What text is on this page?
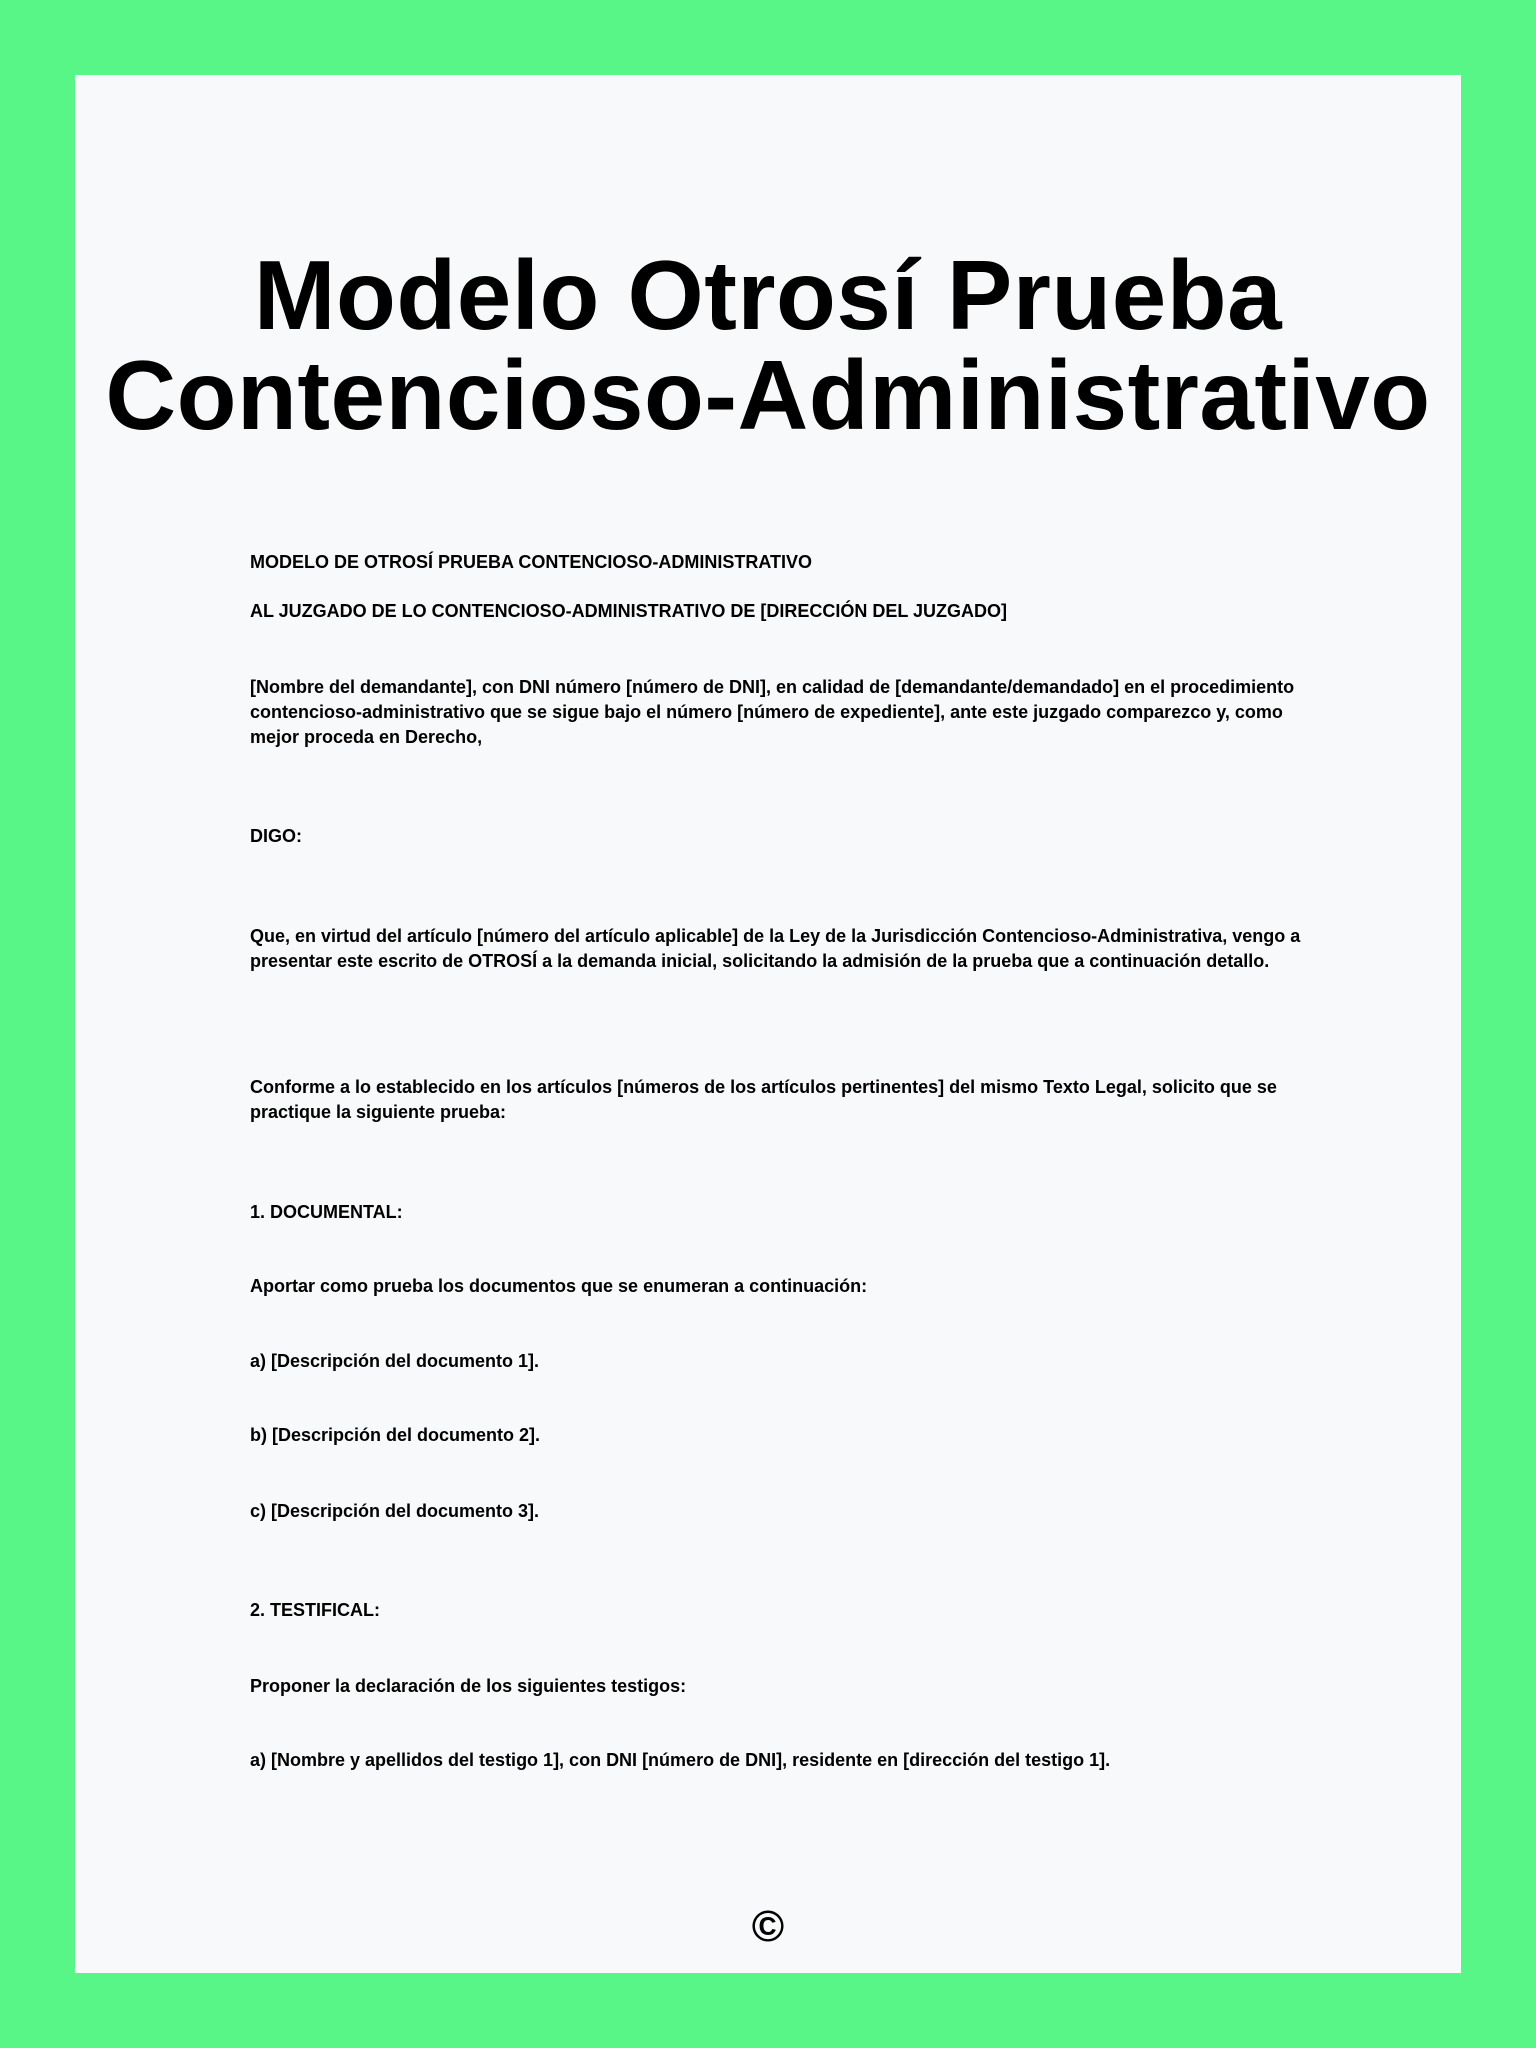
Modelo Otrosí Prueba
Contencioso-Administrativo

MODELO DE OTROSÍ PRUEBA CONTENCIOSO-ADMINISTRATIVO

AL JUZGADO DE LO CONTENCIOSO-ADMINISTRATIVO DE [DIRECCIÓN DEL JUZGADO]

[Nombre del demandante], con DNI número [número de DNI], en calidad de [demandante/demandado] en el procedimiento contencioso-administrativo que se sigue bajo el número [número de expediente], ante este juzgado comparezco y, como mejor proceda en Derecho,

DIGO:

Que, en virtud del artículo [número del artículo aplicable] de la Ley de la Jurisdicción Contencioso-Administrativa, vengo a presentar este escrito de OTROSÍ a la demanda inicial, solicitando la admisión de la prueba que a continuación detallo.

Conforme a lo establecido en los artículos [números de los artículos pertinentes] del mismo Texto Legal, solicito que se practique la siguiente prueba:

1. DOCUMENTAL:

Aportar como prueba los documentos que se enumeran a continuación:

a) [Descripción del documento 1].

b) [Descripción del documento 2].

c) [Descripción del documento 3].

2. TESTIFICAL:

Proponer la declaración de los siguientes testigos:

a) [Nombre y apellidos del testigo 1], con DNI [número de DNI], residente en [dirección del testigo 1].

©
